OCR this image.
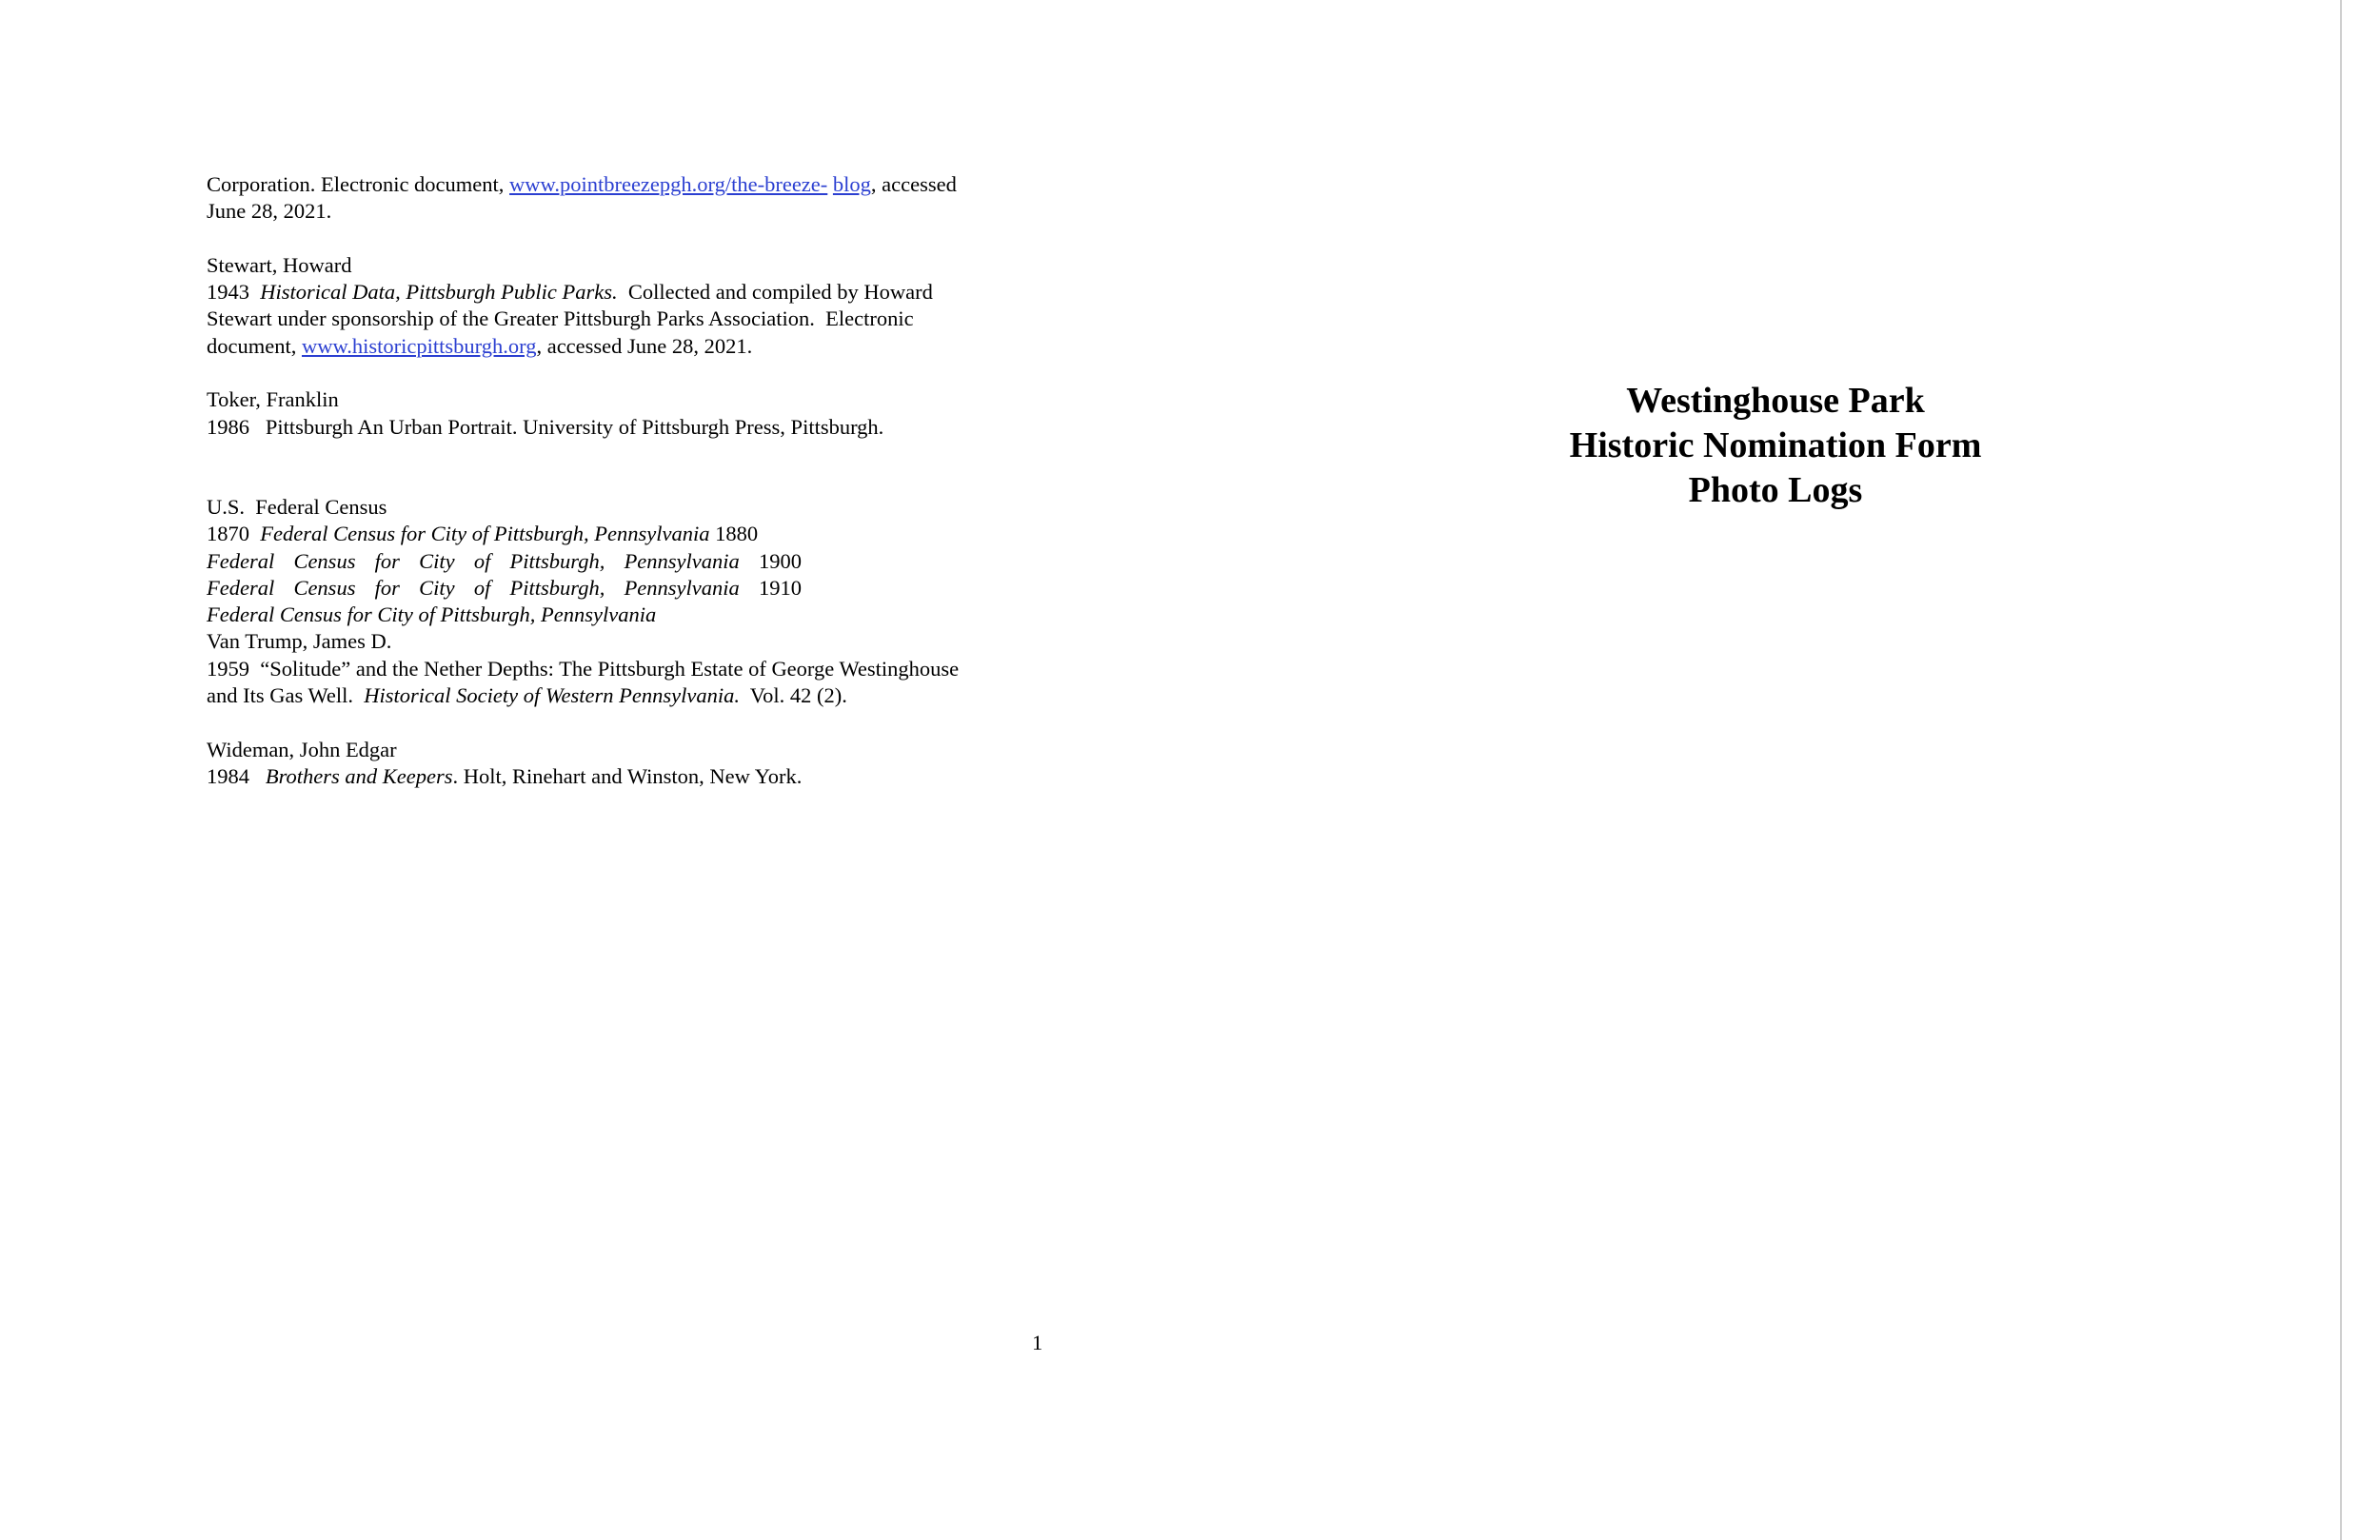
Corporation. Electronic document, www.pointbreezepgh.org/the-breeze- blog, accessed
June 28, 2021.
Stewart, Howard
1943 Historical Data, Pittsburgh Public Parks.  Collected and compiled by Howard
Stewart under sponsorship of the Greater Pittsburgh Parks Association.  Electronic
document, www.historicpittsburgh.org, accessed June 28, 2021.
Toker, Franklin
1986   Pittsburgh An Urban Portrait. University of Pittsburgh Press, Pittsburgh.
U.S.  Federal Census
1870 Federal Census for City of Pittsburgh, Pennsylvania 1880
Federal Census for City of Pittsburgh, Pennsylvania 1900
Federal Census for City of Pittsburgh, Pennsylvania 1910
Federal Census for City of Pittsburgh, Pennsylvania
Van Trump, James D.
1959  “Solitude” and the Nether Depths: The Pittsburgh Estate of George Westinghouse
and Its Gas Well.  Historical Society of Western Pennsylvania.  Vol. 42 (2).
Wideman, John Edgar
1984 Brothers and Keepers. Holt, Rinehart and Winston, New York.
1
Westinghouse Park
Historic Nomination Form
Photo Logs
